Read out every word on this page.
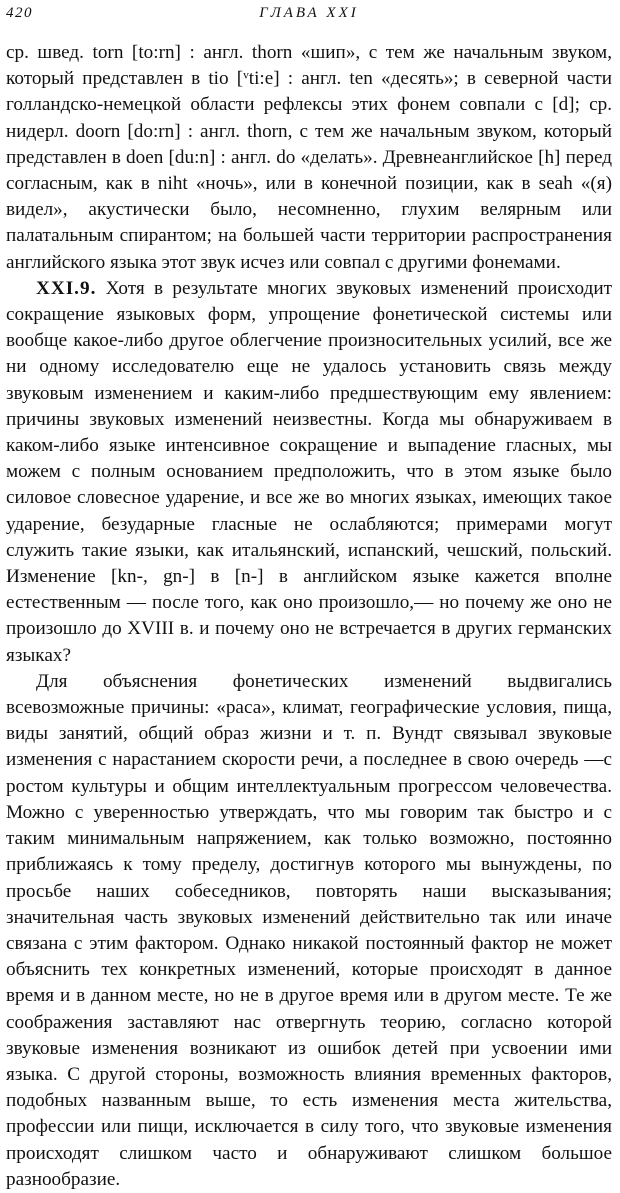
420	ГЛАВА XXI

ср. швед. torn [to:rn] : англ. thorn «шип», с тем же начальным звуком, который представлен в tio [ᵛti:e] : англ. ten «десять»; в северной части голландско-немецкой области рефлексы этих фонем совпали с [d]; ср. нидерл. doorn [do:rn] : англ. thorn, с тем же начальным звуком, который представлен в doen [du:n] : англ. do «делать». Древнеанглийское [h] перед согласным, как в niht «ночь», или в конечной позиции, как в seah «(я) видел», акустически было, несомненно, глухим велярным или палатальным спирантом; на большей части территории распространения английского языка этот звук исчез или совпал с другими фонемами.

XXI.9. Хотя в результате многих звуковых изменений происходит сокращение языковых форм, упрощение фонетической системы или вообще какое-либо другое облегчение произносительных усилий, все же ни одному исследователю еще не удалось установить связь между звуковым изменением и каким-либо предшествующим ему явлением: причины звуковых изменений неизвестны. Когда мы обнаруживаем в каком-либо языке интенсивное сокращение и выпадение гласных, мы можем с полным основанием предположить, что в этом языке было силовое словесное ударение, и все же во многих языках, имеющих такое ударение, безударные гласные не ослабляются; примерами могут служить такие языки, как итальянский, испанский, чешский, польский. Изменение [kn-, gn-] в [n-] в английском языке кажется вполне естественным — после того, как оно произошло,— но почему же оно не произошло до XVIII в. и почему оно не встречается в других германских языках?

Для объяснения фонетических изменений выдвигались всевозможные причины: «раса», климат, географические условия, пища, виды занятий, общий образ жизни и т. п. Вундт связывал звуковые изменения с нарастанием скорости речи, а последнее в свою очередь —с ростом культуры и общим интеллектуальным прогрессом человечества. Можно с уверенностью утверждать, что мы говорим так быстро и с таким минимальным напряжением, как только возможно, постоянно приближаясь к тому пределу, достигнув которого мы вынуждены, по просьбе наших собеседников, повторять наши высказывания; значительная часть звуковых изменений действительно так или иначе связана с этим фактором. Однако никакой постоянный фактор не может объяснить тех конкретных изменений, которые происходят в данное время и в данном месте, но не в другое время или в другом месте. Те же соображения заставляют нас отвергнуть теорию, согласно которой звуковые изменения возникают из ошибок детей при усвоении ими языка. С другой стороны, возможность влияния временных факторов, подобных названным выше, то есть изменения места жительства, профессии или пищи, исключается в силу того, что звуковые изменения происходят слишком часто и обнаруживают слишком большое разнообразие.
